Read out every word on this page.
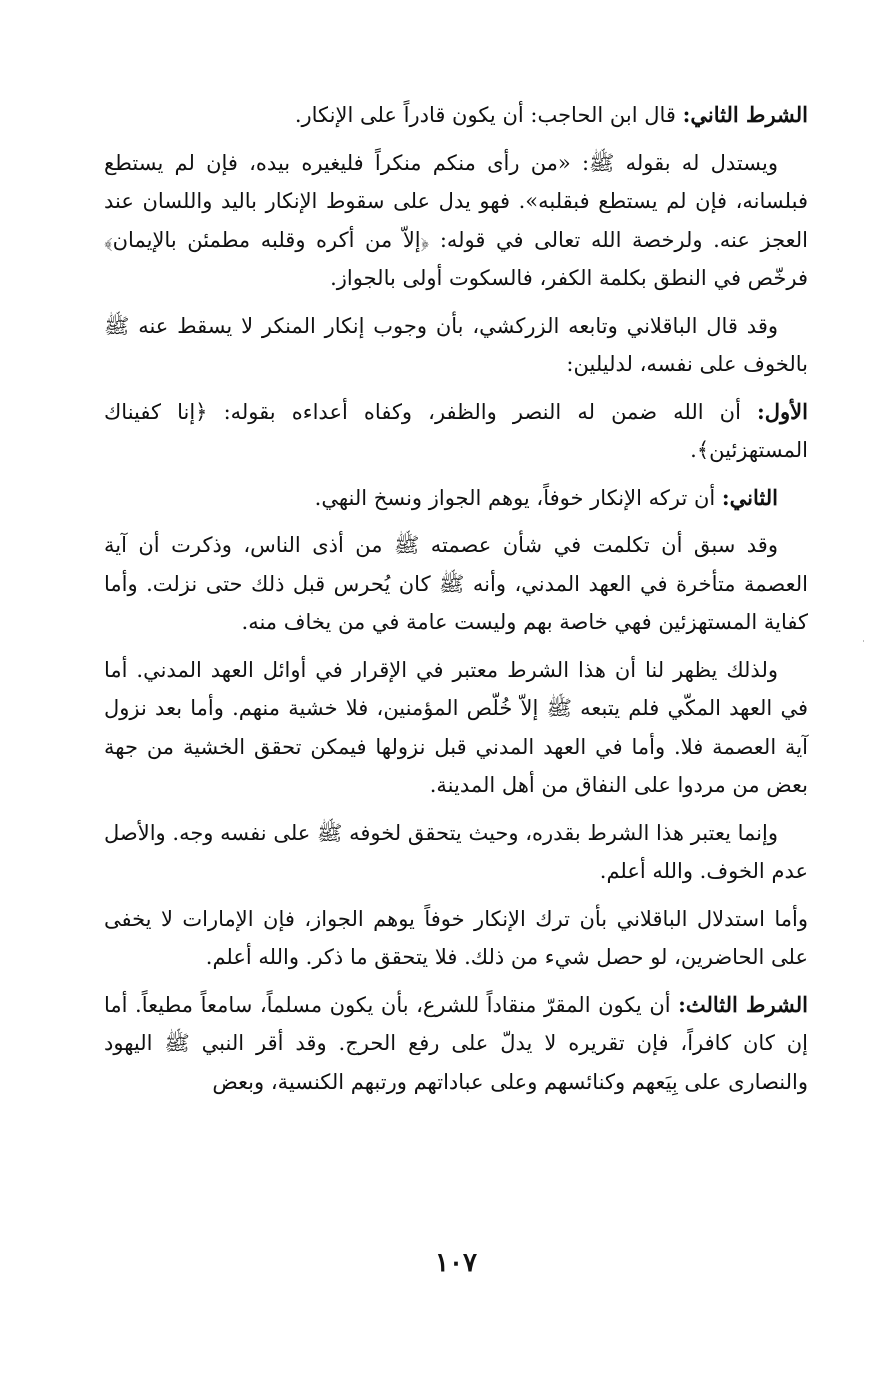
الشرط الثاني: قال ابن الحاجب: أن يكون قادراً على الإنكار.

ويستدل له بقوله ﷺ: «من رأى منكم منكراً فليغيره بيده، فإن لم يستطع فبلسانه، فإن لم يستطع فبقلبه». فهو يدل على سقوط الإنكار باليد واللسان عند العجز عنه. ولرخصة الله تعالى في قوله: ﴿إلاّ من أكره وقلبه مطمئن بالإيمان﴾ فرخّص في النطق بكلمة الكفر، فالسكوت أولى بالجواز.

وقد قال الباقلاني وتابعه الزركشي، بأن وجوب إنكار المنكر لا يسقط عنه ﷺ بالخوف على نفسه، لدليلين:

الأول: أن الله ضمن له النصر والظفر، وكفاه أعداءه بقوله: ﴿إنا كفيناك المستهزئين﴾.

الثاني: أن تركه الإنكار خوفاً، يوهم الجواز ونسخ النهي.

وقد سبق أن تكلمت في شأن عصمته ﷺ من أذى الناس، وذكرت أن آية العصمة متأخرة في العهد المدني، وأنه ﷺ كان يُحرس قبل ذلك حتى نزلت. وأما كفاية المستهزئين فهي خاصة بهم وليست عامة في من يخاف منه.

ولذلك يظهر لنا أن هذا الشرط معتبر في الإقرار في أوائل العهد المدني. أما في العهد المكّي فلم يتبعه ﷺ إلاّ خُلّص المؤمنين، فلا خشية منهم. وأما بعد نزول آية العصمة فلا. وأما في العهد المدني قبل نزولها فيمكن تحقق الخشية من جهة بعض من مردوا على النفاق من أهل المدينة.

وإنما يعتبر هذا الشرط بقدره، وحيث يتحقق لخوفه ﷺ على نفسه وجه. والأصل عدم الخوف. والله أعلم.

وأما استدلال الباقلاني بأن ترك الإنكار خوفاً يوهم الجواز، فإن الإمارات لا يخفى على الحاضرين، لو حصل شيء من ذلك. فلا يتحقق ما ذكر. والله أعلم.

الشرط الثالث: أن يكون المقرّ منقاداً للشرع، بأن يكون مسلماً، سامعاً مطيعاً. أما إن كان كافراً، فإن تقريره لا يدلّ على رفع الحرج. وقد أقر النبي ﷺ اليهود والنصارى على بِيَعهم وكنائسهم وعلى عباداتهم ورتبهم الكنسية، وبعض

١٠٧
